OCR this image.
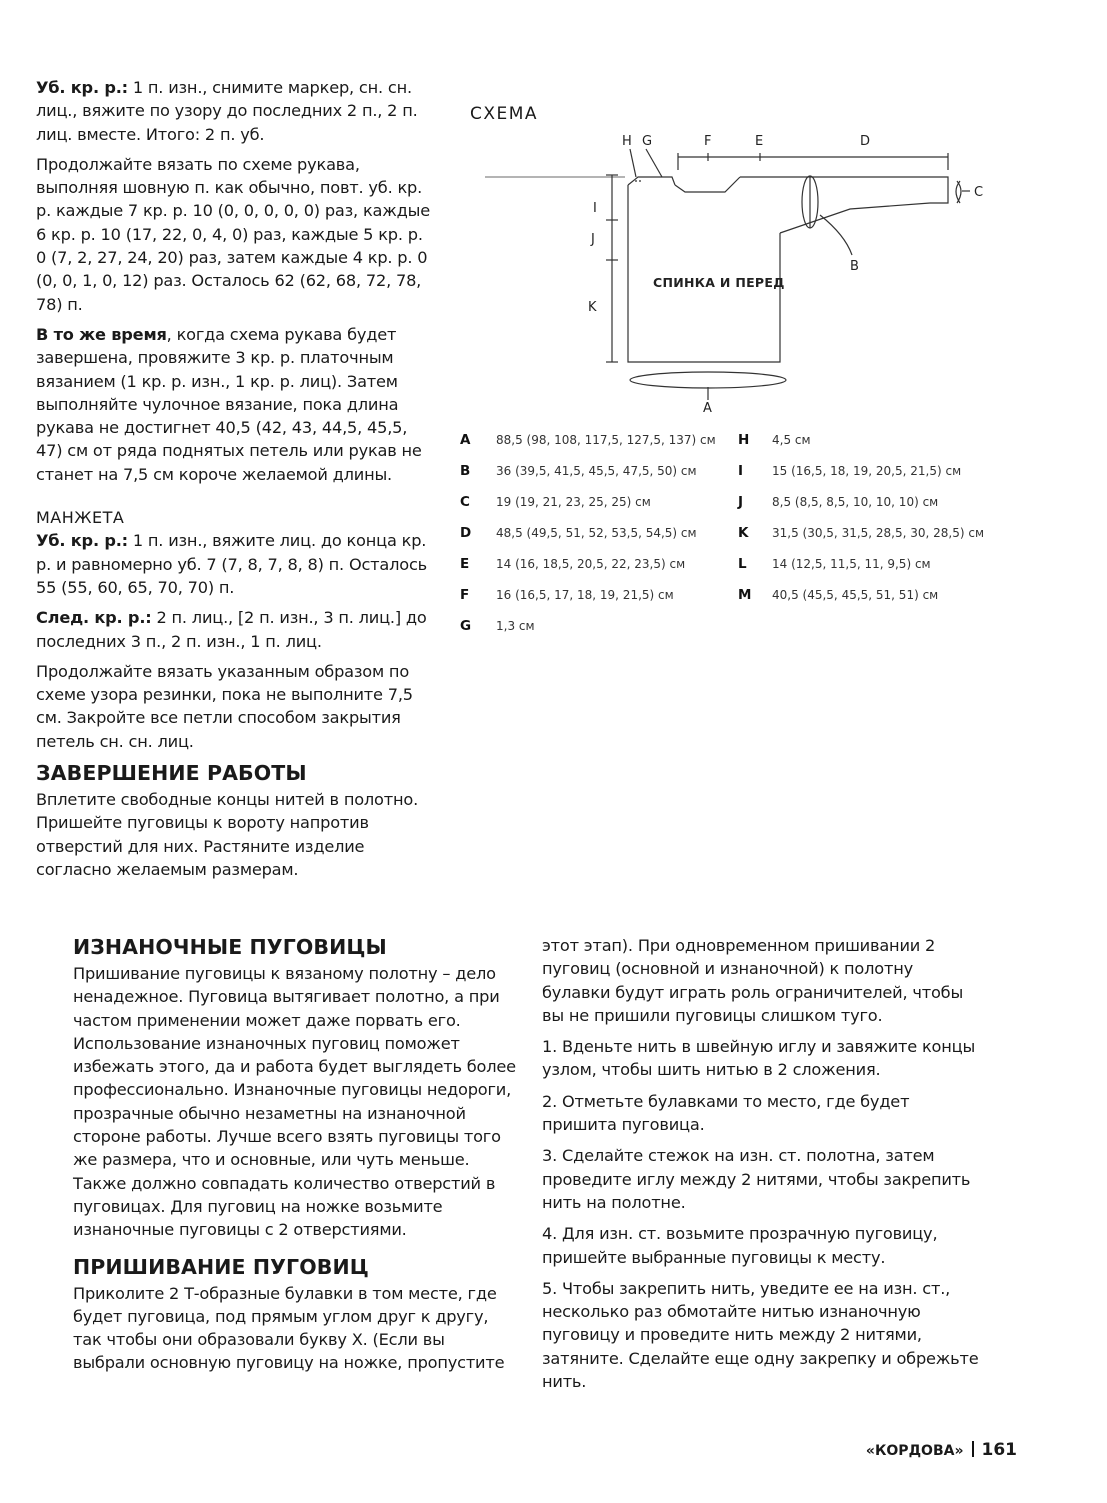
Уб. кр. р.: 1 п. изн., снимите маркер, сн. сн. лиц., вяжите по узору до последних 2 п., 2 п. лиц. вместе. Итого: 2 п. уб.

Продолжайте вязать по схеме рукава, выполняя шовную п. как обычно, повт. уб. кр. р. каждые 7 кр. р. 10 (0, 0, 0, 0, 0) раз, каждые 6 кр. р. 10 (17, 22, 0, 4, 0) раз, каждые 5 кр. р. 0 (7, 2, 27, 24, 20) раз, затем каждые 4 кр. р. 0 (0, 0, 1, 0, 12) раз. Осталось 62 (62, 68, 72, 78, 78) п.

В то же время, когда схема рукава будет завершена, провяжите 3 кр. р. платочным вязанием (1 кр. р. изн., 1 кр. р. лиц). Затем выполняйте чулочное вязание, пока длина рукава не достигнет 40,5 (42, 43, 44,5, 45,5, 47) см от ряда поднятых петель или рукав не станет на 7,5 см короче желаемой длины.

МАНЖЕТА

Уб. кр. р.: 1 п. изн., вяжите лиц. до конца кр. р. и равномерно уб. 7 (7, 8, 7, 8, 8) п. Осталось 55 (55, 60, 65, 70, 70) п.

След. кр. р.: 2 п. лиц., [2 п. изн., 3 п. лиц.] до последних 3 п., 2 п. изн., 1 п. лиц.

Продолжайте вязать указанным образом по схеме узора резинки, пока не выполните 7,5 см. Закройте все петли способом закрытия петель сн. сн. лиц.

ЗАВЕРШЕНИЕ РАБОТЫ

Вплетите свободные концы нитей в полотно. Пришейте пуговицы к вороту напротив отверстий для них. Растяните изделие согласно желаемым размерам.

СХЕМА
H G	F	E	D
C
B
I
J
K
A
СПИНКА И ПЕРЕД
A 88,5 (98, 108, 117,5, 127,5, 137) см
B 36 (39,5, 41,5, 45,5, 47,5, 50) см
C 19 (19, 21, 23, 25, 25) см
D 48,5 (49,5, 51, 52, 53,5, 54,5) см
E 14 (16, 18,5, 20,5, 22, 23,5) см
F 16 (16,5, 17, 18, 19, 21,5) см
G 1,3 см
H 4,5 см
I 15 (16,5, 18, 19, 20,5, 21,5) см
J 8,5 (8,5, 8,5, 10, 10, 10) см
K 31,5 (30,5, 31,5, 28,5, 30, 28,5) см
L 14 (12,5, 11,5, 11, 9,5) см
M 40,5 (45,5, 45,5, 51, 51) см
ИЗНАНОЧНЫЕ ПУГОВИЦЫ

Пришивание пуговицы к вязаному полотну – дело ненадежное. Пуговица вытягивает полотно, а при частом применении может даже порвать его. Использование изнаночных пуговиц поможет избежать этого, да и работа будет выглядеть более профессионально. Изнаночные пуговицы недороги, прозрачные обычно незаметны на изнаночной стороне работы. Лучше всего взять пуговицы того же размера, что и основные, или чуть меньше. Также должно совпадать количество отверстий в пуговицах. Для пуговиц на ножке возьмите изнаночные пуговицы с 2 отверстиями.

ПРИШИВАНИЕ ПУГОВИЦ

Приколите 2 Т-образные булавки в том месте, где будет пуговица, под прямым углом друг к другу, так чтобы они образовали букву Х. (Если вы выбрали основную пуговицу на ножке, пропустите

этот этап). При одновременном пришивании 2 пуговиц (основной и изнаночной) к полотну булавки будут играть роль ограничителей, чтобы вы не пришили пуговицы слишком туго.

1. Вденьте нить в швейную иглу и завяжите концы узлом, чтобы шить нитью в 2 сложения.

2. Отметьте булавками то место, где будет пришита пуговица.

3. Сделайте стежок на изн. ст. полотна, затем проведите иглу между 2 нитями, чтобы закрепить нить на полотне.

4. Для изн. ст. возьмите прозрачную пуговицу, пришейте выбранные пуговицы к месту.

5. Чтобы закрепить нить, уведите ее на изн. ст., несколько раз обмотайте нитью изнаночную пуговицу и проведите нить между 2 нитями, затяните. Сделайте еще одну закрепку и обрежьте нить.

«КОРДОВА» 161
